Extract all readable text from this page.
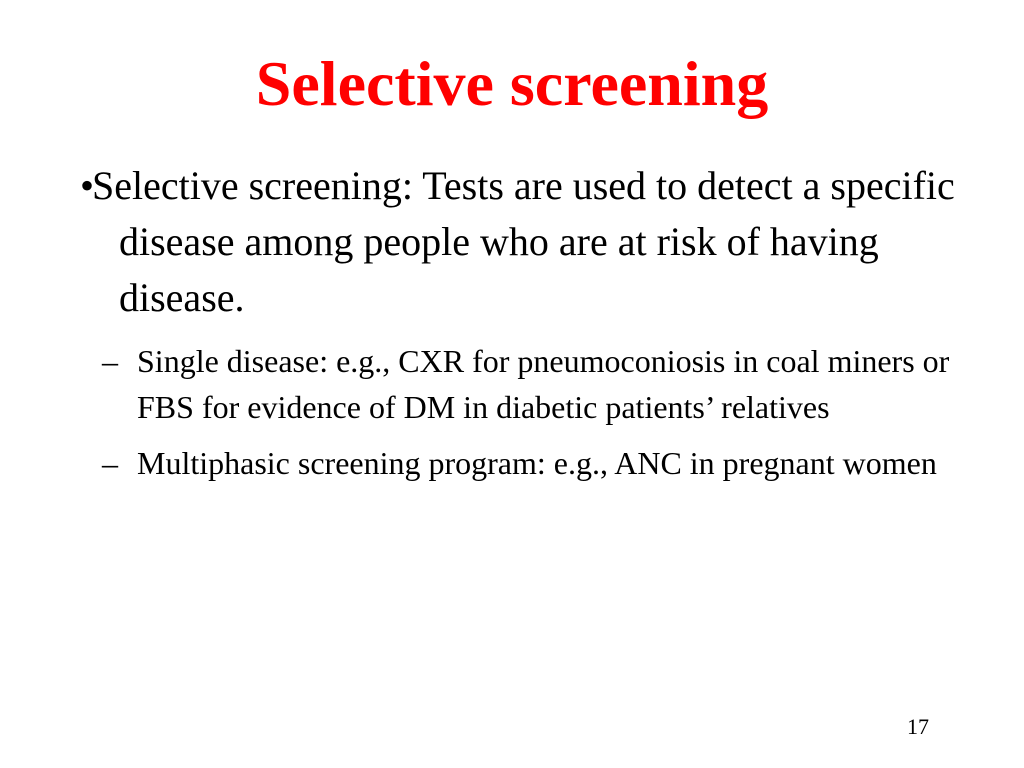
Selective screening
•
Selective screening: Tests are used to detect a specific disease among people who are at risk of having disease.
– Single disease: e.g., CXR for pneumoconiosis in coal miners or FBS for evidence of DM in diabetic patients’ relatives
– Multiphasic screening program: e.g., ANC in pregnant women
17
